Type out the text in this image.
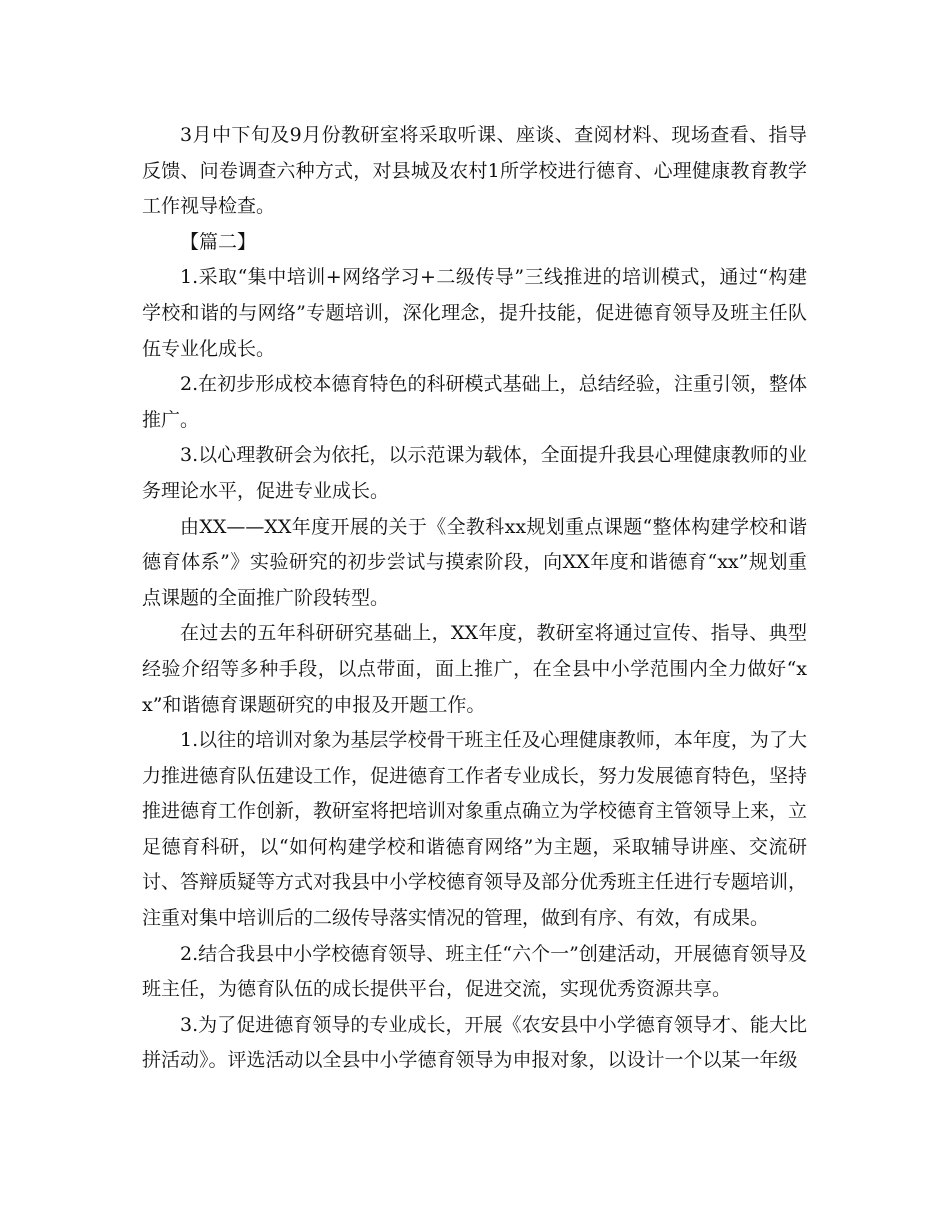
3月中下旬及9月份教研室将采取听课、座谈、查阅材料、现场查看、指导反馈、问卷调查六种方式，对县城及农村1所学校进行德育、心理健康教育教学工作视导检查。

【篇二】

1.采取“集中培训+网络学习+二级传导”三线推进的培训模式，通过“构建学校和谐的与网络”专题培训，深化理念，提升技能，促进德育领导及班主任队伍专业化成长。

2.在初步形成校本德育特色的科研模式基础上，总结经验，注重引领，整体推广。

3.以心理教研会为依托，以示范课为载体，全面提升我县心理健康教师的业务理论水平，促进专业成长。

由XX——XX年度开展的关于《全教科xx规划重点课题“整体构建学校和谐德育体系”》实验研究的初步尝试与摸索阶段，向XX年度和谐德育“xx”规划重点课题的全面推广阶段转型。

在过去的五年科研研究基础上，XX年度，教研室将通过宣传、指导、典型经验介绍等多种手段，以点带面，面上推广，在全县中小学范围内全力做好“xx”和谐德育课题研究的申报及开题工作。

1.以往的培训对象为基层学校骨干班主任及心理健康教师，本年度，为了大力推进德育队伍建设工作，促进德育工作者专业成长，努力发展德育特色，坚持推进德育工作创新，教研室将把培训对象重点确立为学校德育主管领导上来，立足德育科研，以“如何构建学校和谐德育网络”为主题，采取辅导讲座、交流研讨、答辩质疑等方式对我县中小学校德育领导及部分优秀班主任进行专题培训，注重对集中培训后的二级传导落实情况的管理，做到有序、有效，有成果。

2.结合我县中小学校德育领导、班主任“六个一”创建活动，开展德育领导及班主任，为德育队伍的成长提供平台，促进交流，实现优秀资源共享。

3.为了促进德育领导的专业成长，开展《农安县中小学德育领导才、能大比拼活动》。评选活动以全县中小学德育领导为申报对象，以设计一个以某一年级
